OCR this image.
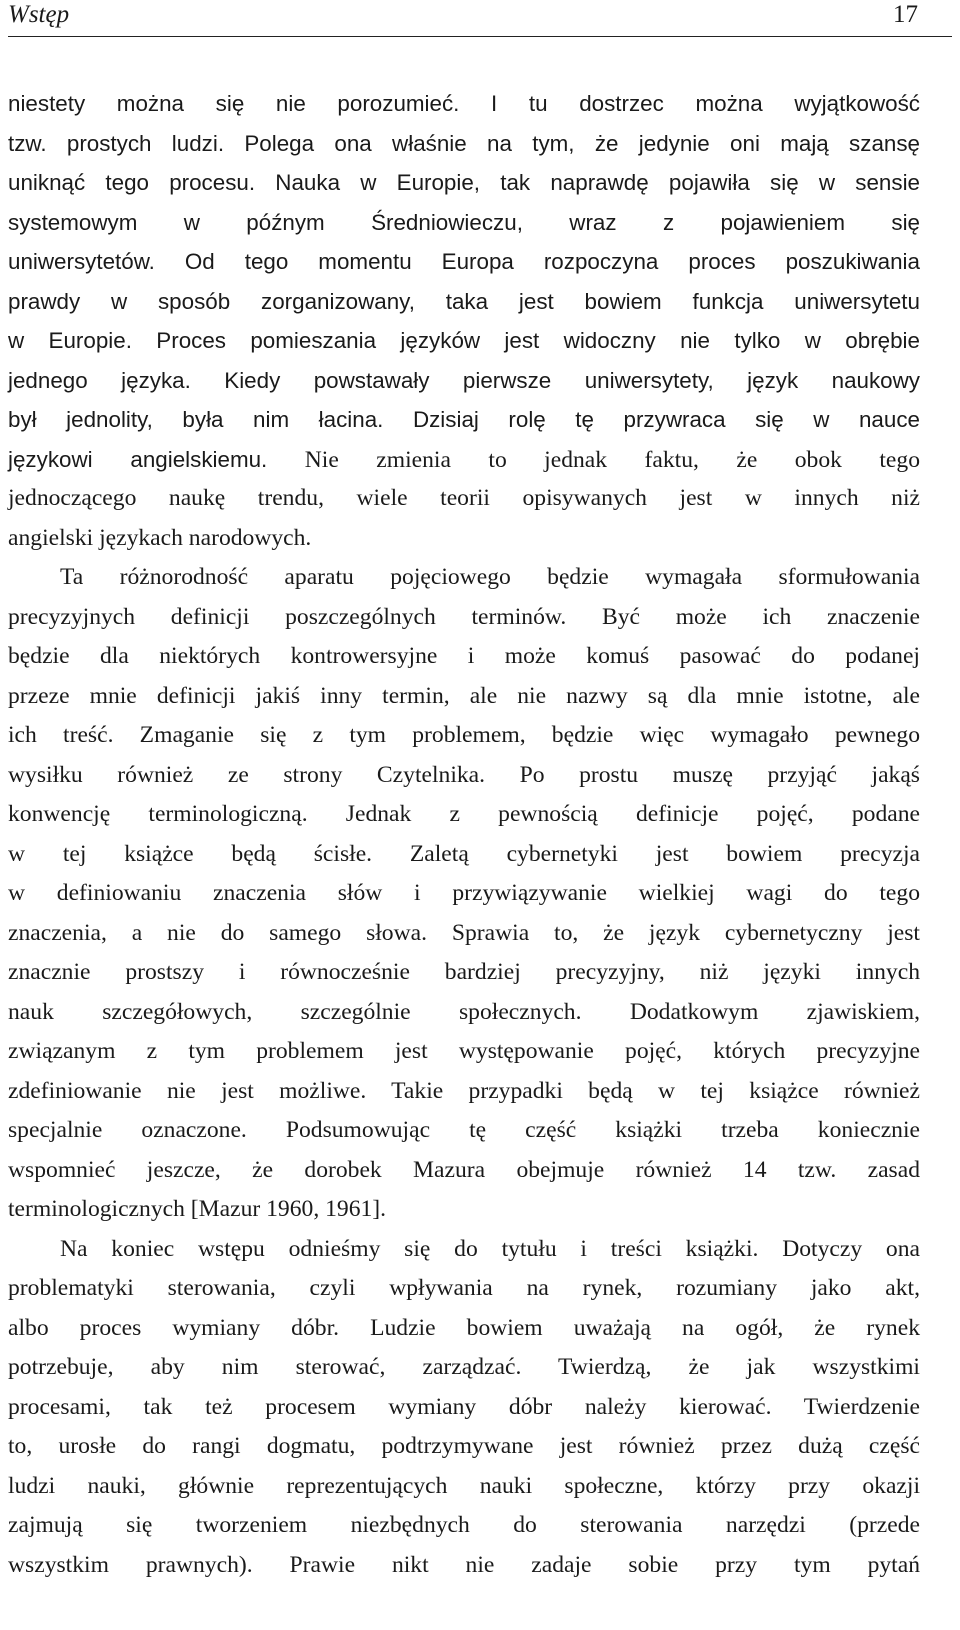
Wstęp	17
niestety można się nie porozumieć. I tu dostrzec można wyjątkowość
tzw. prostych ludzi. Polega ona właśnie na tym, że jedynie oni mają szansę
uniknąć tego procesu. Nauka w Europie, tak naprawdę pojawiła się w sensie
systemowym w późnym Średniowieczu, wraz z pojawieniem się
uniwersytetów. Od tego momentu Europa rozpoczyna proces poszukiwania
prawdy w sposób zorganizowany, taka jest bowiem funkcja uniwersytetu
w Europie. Proces pomieszania języków jest widoczny nie tylko w obrębie
jednego języka. Kiedy powstawały pierwsze uniwersytety, język naukowy
był jednolity, była nim łacina. Dzisiaj rolę tę przywraca się w nauce
językowi angielskiemu. Nie zmienia to jednak faktu, że obok tego
jednoczącego naukę trendu, wiele teorii opisywanych jest w innych niż
angielski językach narodowych.
Ta różnorodność aparatu pojęciowego będzie wymagała sformułowania
precyzyjnych definicji poszczególnych terminów. Być może ich znaczenie
będzie dla niektórych kontrowersyjne i może komuś pasować do podanej
przeze mnie definicji jakiś inny termin, ale nie nazwy są dla mnie istotne, ale
ich treść. Zmaganie się z tym problemem, będzie więc wymagało pewnego
wysiłku również ze strony Czytelnika. Po prostu muszę przyjąć jakąś
konwencję terminologiczną. Jednak z pewnością definicje pojęć, podane
w tej książce będą ścisłe. Zaletą cybernetyki jest bowiem precyzja
w definiowaniu znaczenia słów i przywiązywanie wielkiej wagi do tego
znaczenia, a nie do samego słowa. Sprawia to, że język cybernetyczny jest
znacznie prostszy i równocześnie bardziej precyzyjny, niż języki innych
nauk szczegółowych, szczególnie społecznych. Dodatkowym zjawiskiem,
związanym z tym problemem jest występowanie pojęć, których precyzyjne
zdefiniowanie nie jest możliwe. Takie przypadki będą w tej książce również
specjalnie oznaczone. Podsumowując tę część książki trzeba koniecznie
wspomnieć jeszcze, że dorobek Mazura obejmuje również 14 tzw. zasad
terminologicznych [Mazur 1960, 1961].
Na koniec wstępu odnieśmy się do tytułu i treści książki. Dotyczy ona
problematyki sterowania, czyli wpływania na rynek, rozumiany jako akt,
albo proces wymiany dóbr. Ludzie bowiem uważają na ogół, że rynek
potrzebuje, aby nim sterować, zarządzać. Twierdzą, że jak wszystkimi
procesami, tak też procesem wymiany dóbr należy kierować. Twierdzenie
to, urosłe do rangi dogmatu, podtrzymywane jest również przez dużą część
ludzi nauki, głównie reprezentujących nauki społeczne, którzy przy okazji
zajmują się tworzeniem niezbędnych do sterowania narzędzi (przede
wszystkim prawnych). Prawie nikt nie zadaje sobie przy tym pytań
